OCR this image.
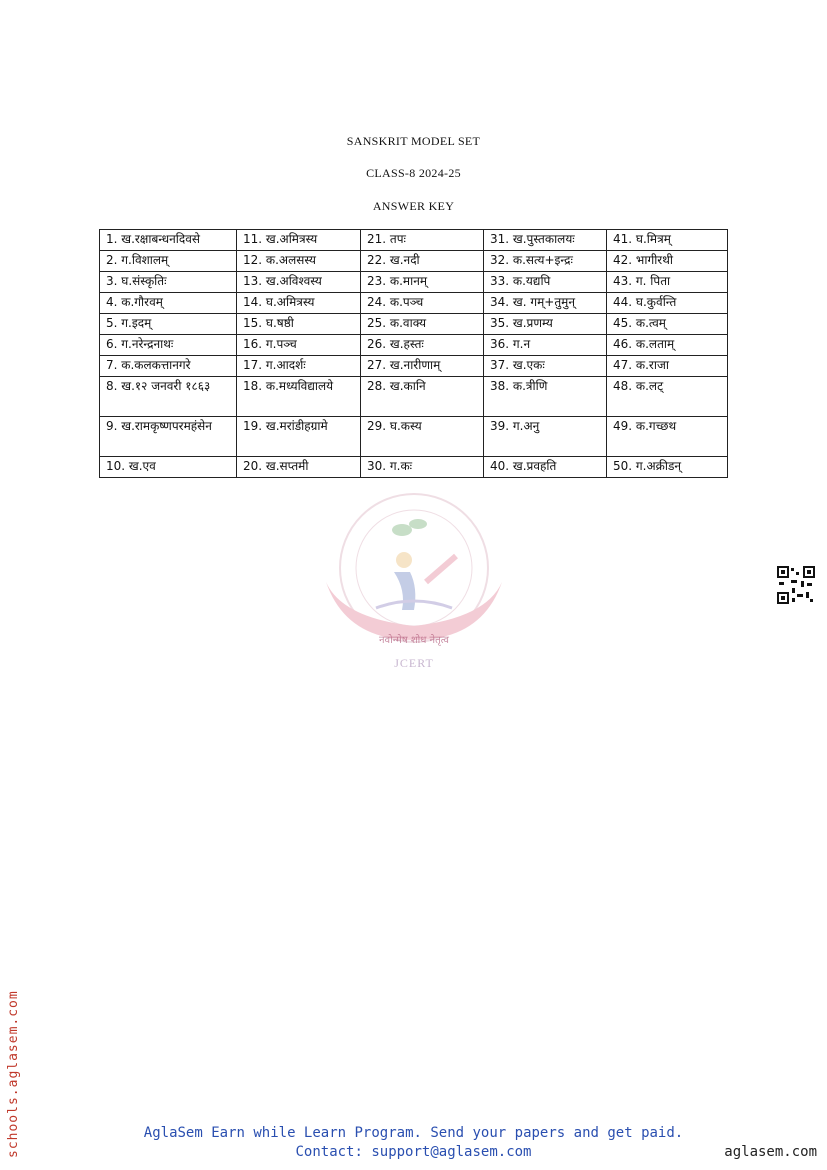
SANSKRIT MODEL SET
CLASS-8 2024-25
ANSWER KEY
1. ख.रक्षाबन्धनदिवसे	11. ख.अमित्रस्य	21. तपः	31. ख.पुस्तकालयः	41. घ.मित्रम्
2. ग.विशालम्	12. क.अलसस्य	22. ख.नदी	32. क.सत्य+इन्द्रः	42. भागीरथी
3. घ.संस्कृतिः	13. ख.अविश्वस्य	23. क.मानम्	33. क.यद्यपि	43. ग. पिता
4. क.गौरवम्	14. घ.अमित्रस्य	24. क.पञ्च	34. ख. गम्+तुमुन्	44. घ.कुर्वन्ति
5. ग.इदम्	15. घ.षष्ठी	25. क.वाक्य	35. ख.प्रणम्य	45. क.त्वम्
6. ग.नरेन्द्रनाथः	16. ग.पञ्च	26. ख.हस्तः	36. ग.न	46. क.लताम्
7. क.कलकत्तानगरे	17. ग.आदर्शः	27. ख.नारीणाम्	37. ख.एकः	47. क.राजा
8. ख.१२ जनवरी १८६३	18. क.मध्यविद्यालये	28. ख.कानि	38. क.त्रीणि	48. क.लट्
9. ख.रामकृष्णपरमहंसेन	19. ख.मरांडीहग्रामे	29. घ.कस्य	39. ग.अनु	49. क.गच्छथ
10. ख.एव	20. ख.सप्तमी	30. ग.कः	40. ख.प्रवहति	50. ग.अक्रीडन्
नवोन्मेष शोध नेतृत्व
JCERT
schools.aglasem.com	AglaSem Earn while Learn Program. Send your papers and get paid.
Contact: support@aglasem.com	aglasem.com
